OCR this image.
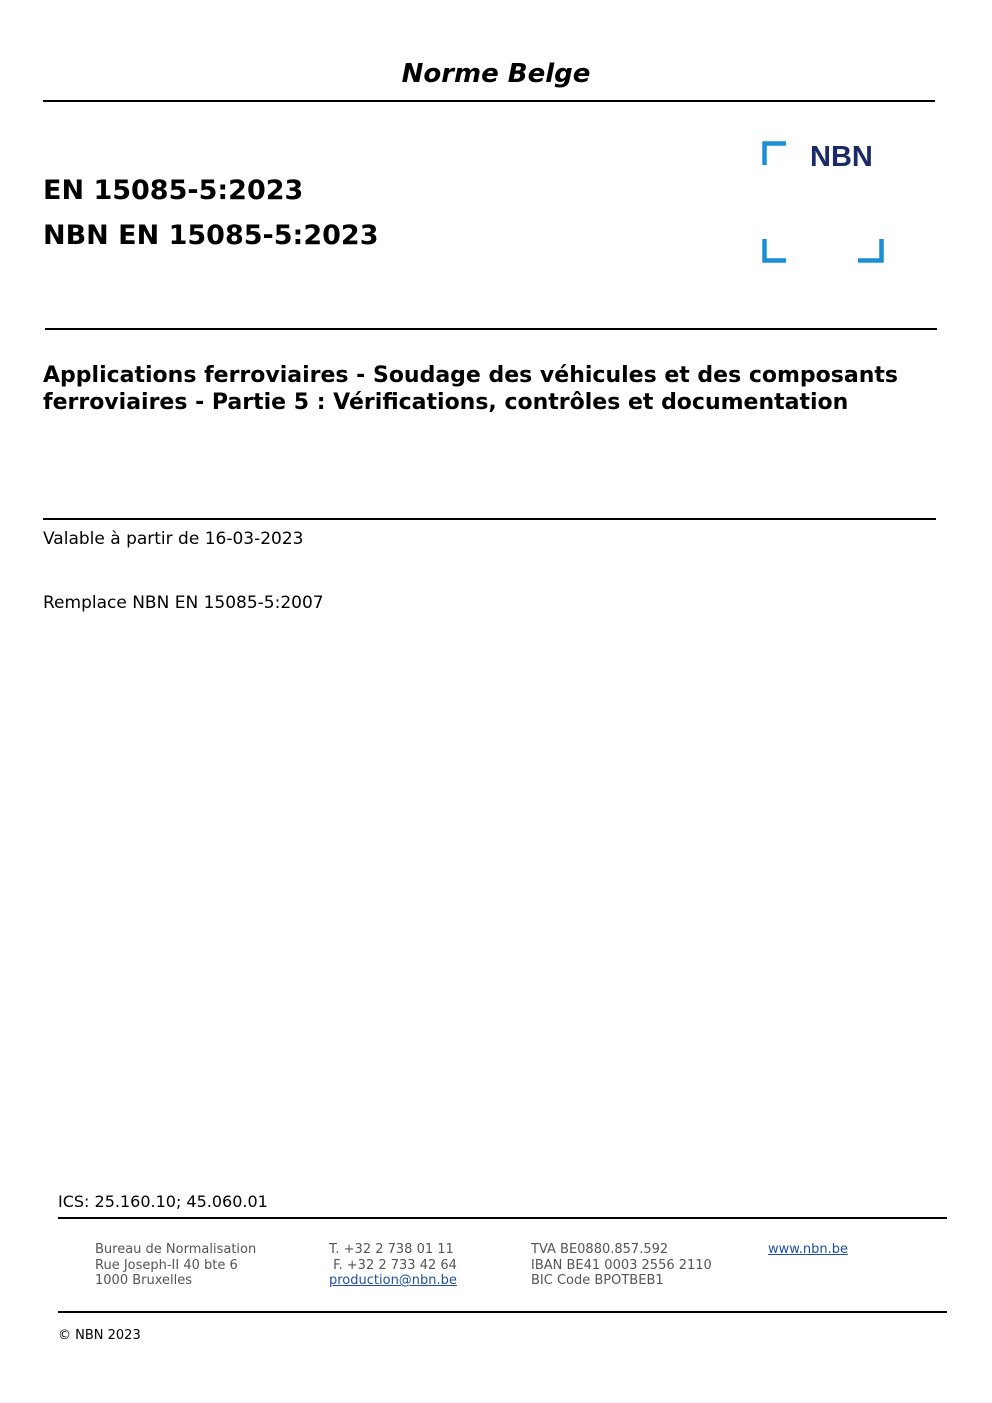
Norme Belge
EN 15085-5:2023
NBN EN 15085-5:2023
NBN
Applications ferroviaires - Soudage des véhicules et des composants ferroviaires - Partie 5 : Vérifications, contrôles et documentation
Valable à partir de 16-03-2023
Remplace NBN EN 15085-5:2007
ICS: 25.160.10; 45.060.01
Bureau de Normalisation
Rue Joseph-II 40 bte 6
1000 Bruxelles
T. +32 2 738 01 11
F. +32 2 733 42 64
production@nbn.be
TVA BE0880.857.592
IBAN BE41 0003 2556 2110
BIC Code BPOTBEB1
www.nbn.be
© NBN 2023
